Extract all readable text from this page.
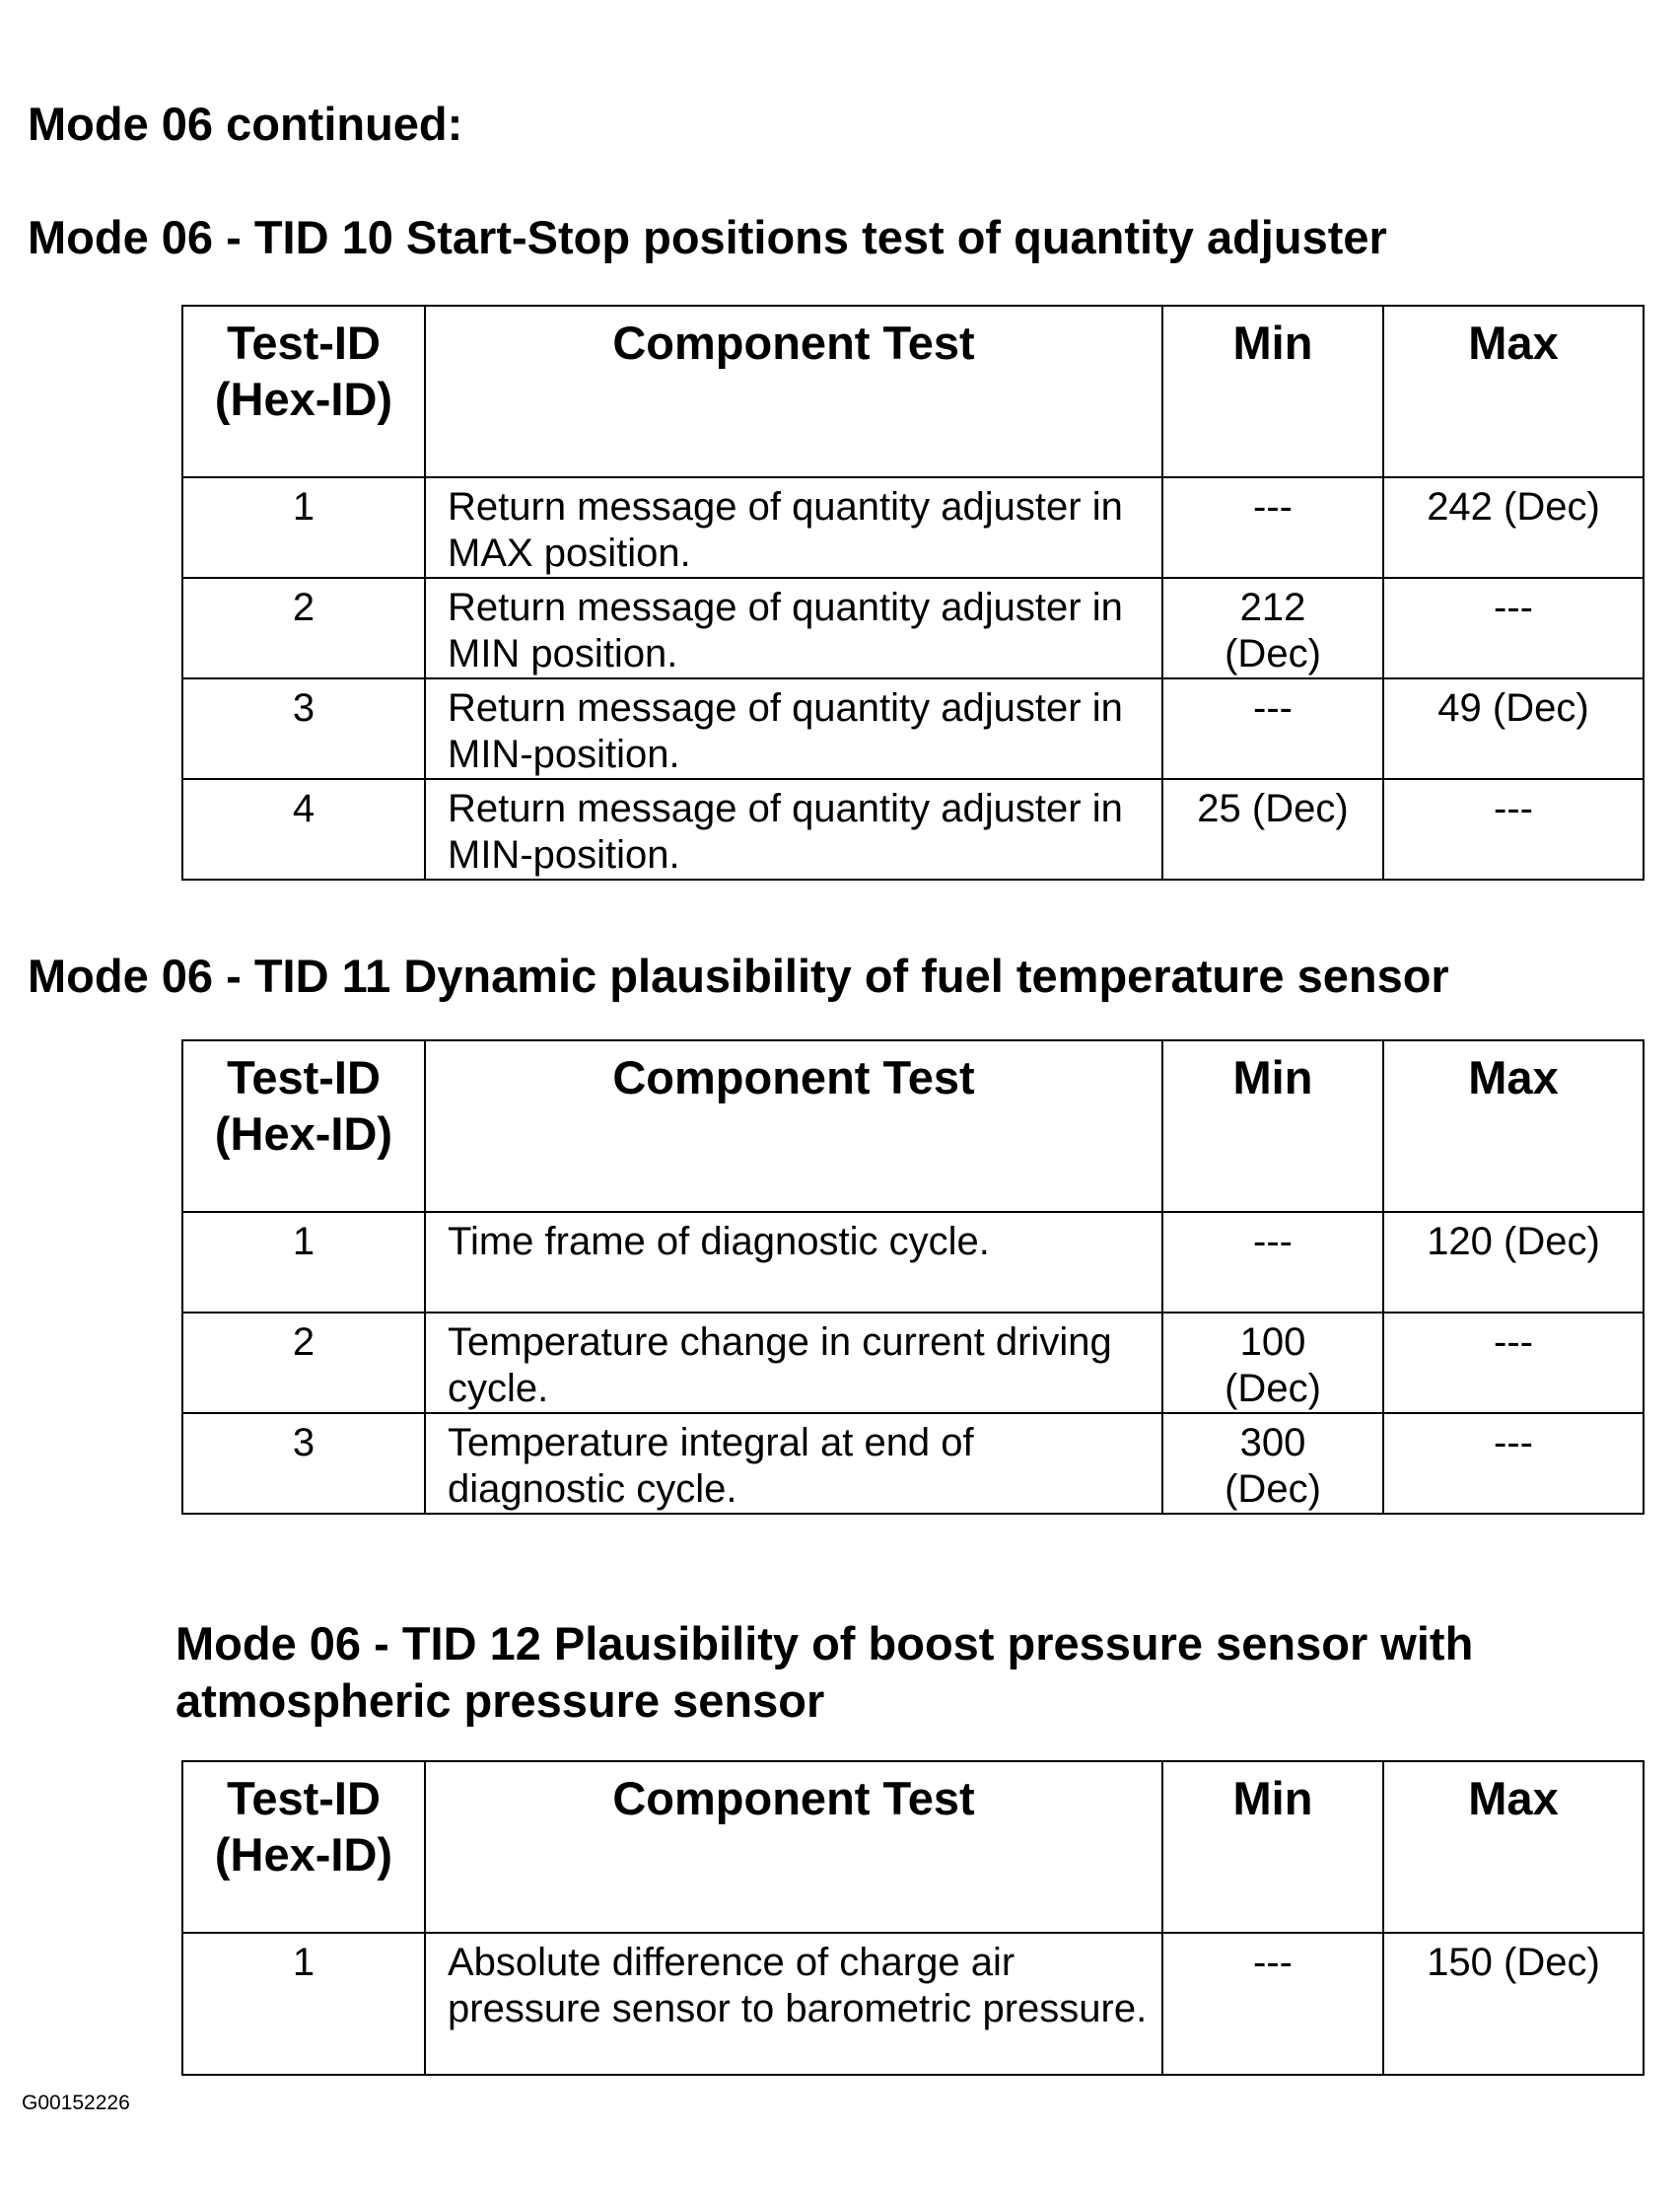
Mode 06 continued:
Mode 06 - TID 10 Start-Stop positions test of quantity adjuster
Test-ID
(Hex-ID)	Component Test	Min	Max
1	Return message of quantity adjuster in MAX position.	---	242 (Dec)
2	Return message of quantity adjuster in MIN position.	212 (Dec)	---
3	Return message of quantity adjuster in MIN-position.	---	49 (Dec)
4	Return message of quantity adjuster in MIN-position.	25 (Dec)	---
Mode 06 - TID 11 Dynamic plausibility of fuel temperature sensor
Test-ID
(Hex-ID)	Component Test	Min	Max
1	Time frame of diagnostic cycle.	---	120 (Dec)
2	Temperature change in current driving cycle.	100 (Dec)	---
3	Temperature integral at end of diagnostic cycle.	300 (Dec)	---
Mode 06 - TID 12 Plausibility of boost pressure sensor with
atmospheric pressure sensor
Test-ID
(Hex-ID)	Component Test	Min	Max
1	Absolute difference of charge air pressure sensor to barometric pressure.	---	150 (Dec)
G00152226
